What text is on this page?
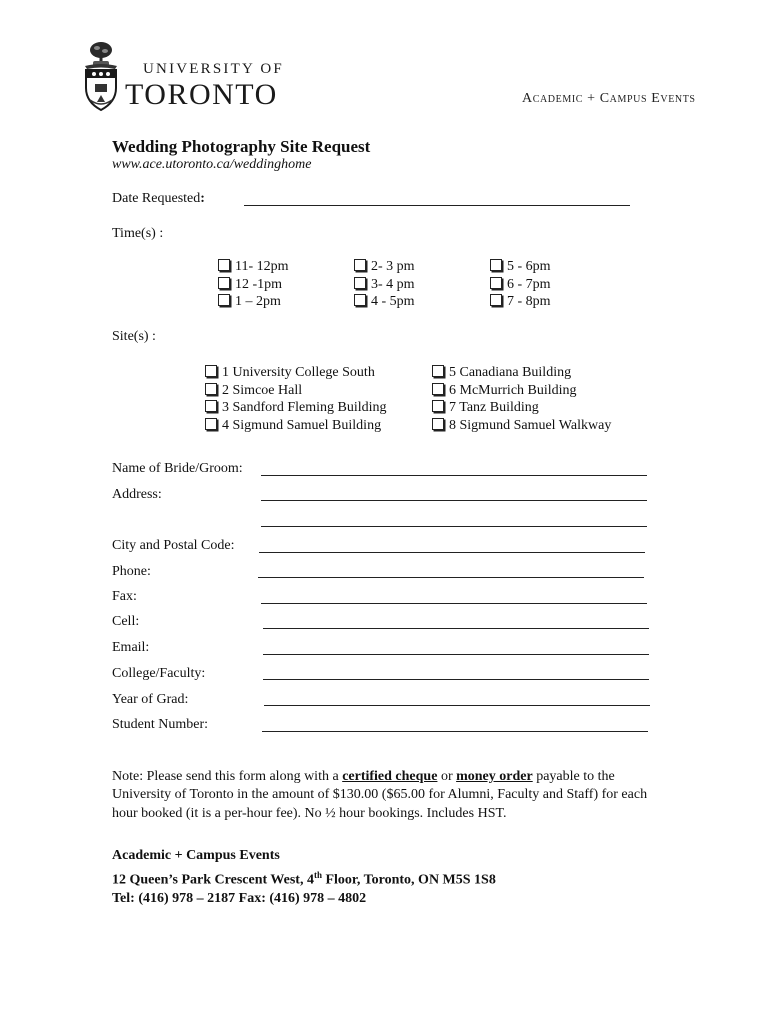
UNIVERSITY OF
TORONTO	Academic + Campus Events
Wedding Photography Site Request
www.ace.utoronto.ca/weddinghome
Date Requested:
Time(s) :
11- 12pm
12 -1pm
1 – 2pm
2- 3 pm
3- 4 pm
4 - 5pm
5 - 6pm
6 - 7pm
7 - 8pm
Site(s) :
1 University College South
2 Simcoe Hall
3 Sandford Fleming Building
4 Sigmund Samuel Building
5 Canadiana Building
6 McMurrich Building
7 Tanz Building
8 Sigmund Samuel Walkway
Name of Bride/Groom:
Address:
City and Postal Code:
Phone:
Fax:
Cell:
Email:
College/Faculty:
Year of Grad:
Student Number:
Note: Please send this form along with a certified cheque or money order payable to the University of Toronto in the amount of $130.00 ($65.00 for Alumni, Faculty and Staff) for each hour booked (it is a per-hour fee). No ½ hour bookings. Includes HST.
Academic + Campus Events
12 Queen’s Park Crescent West, 4th Floor, Toronto, ON M5S 1S8
Tel: (416) 978 – 2187 Fax: (416) 978 – 4802
